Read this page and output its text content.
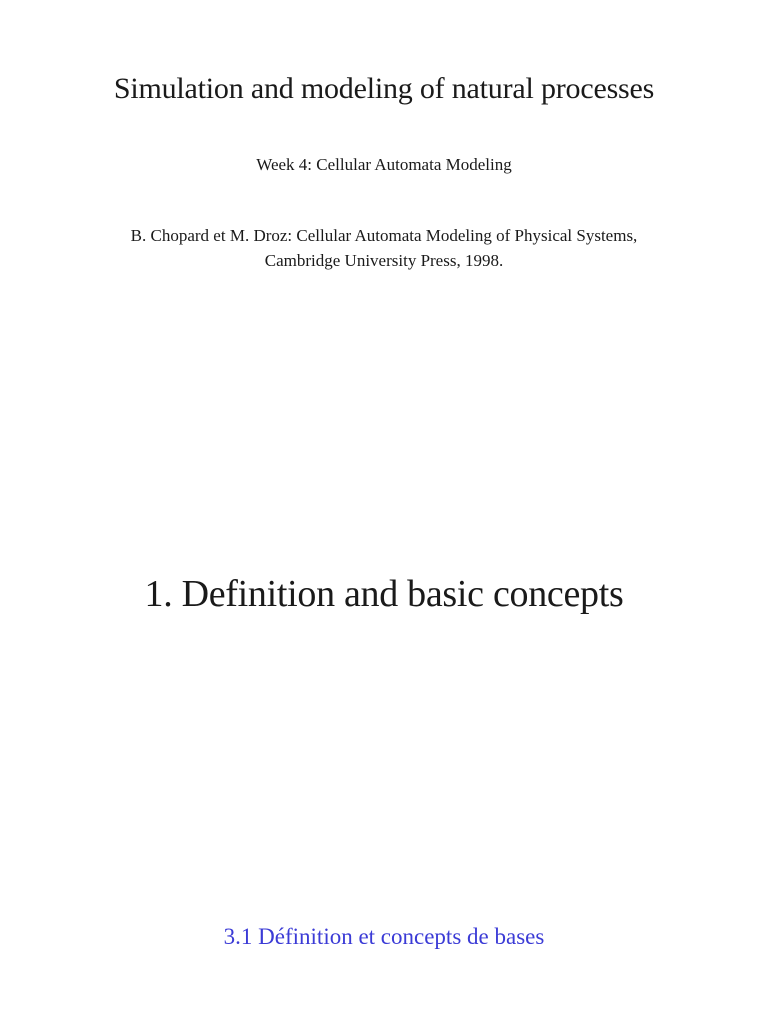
Simulation and modeling of natural processes
Week 4: Cellular Automata Modeling
B. Chopard et M. Droz: Cellular Automata Modeling of Physical Systems,
Cambridge University Press, 1998.
1. Definition and basic concepts
3.1 Définition et concepts de bases
